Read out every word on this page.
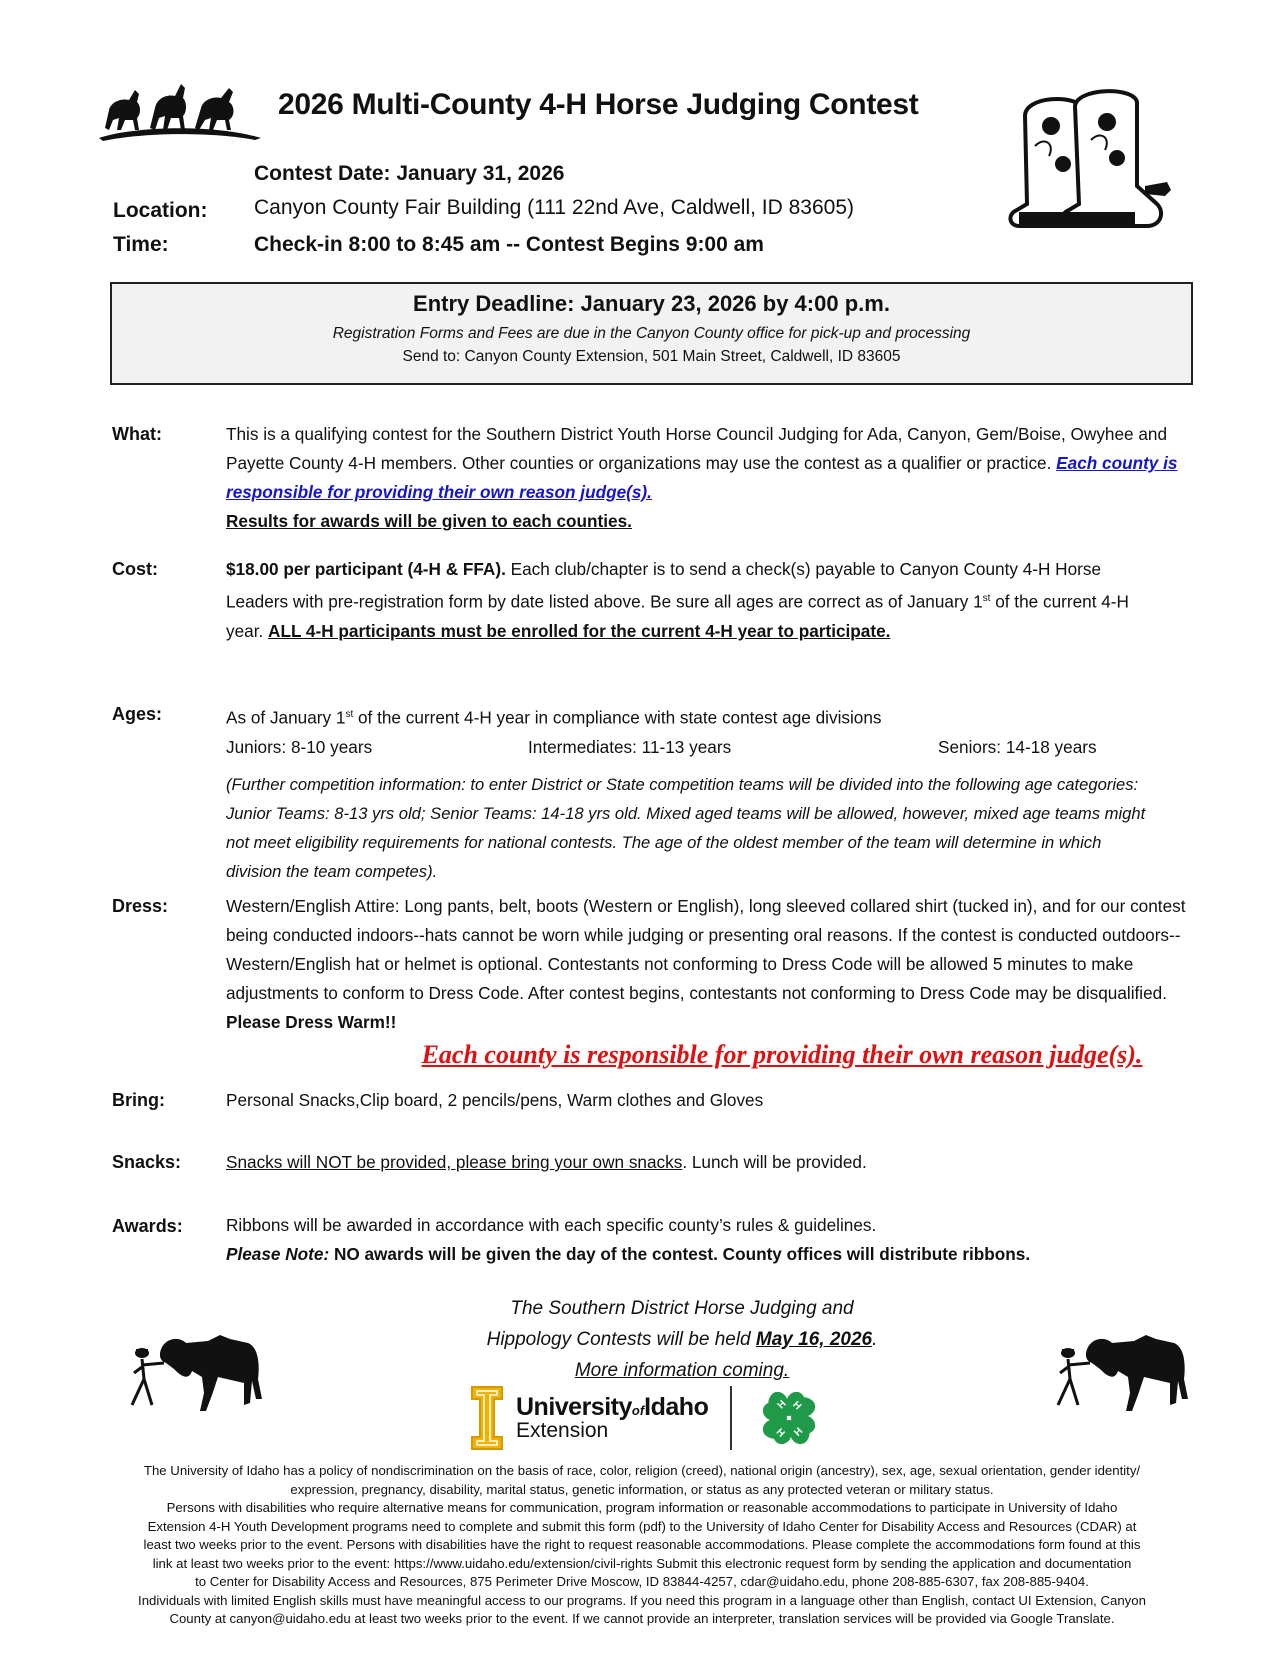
2026 Multi-County 4-H Horse Judging Contest
Contest Date: January 31, 2026
Location: Canyon County Fair Building (111 22nd Ave, Caldwell, ID 83605)
Time:	Check-in 8:00 to 8:45 am -- Contest Begins 9:00 am
Entry Deadline: January 23, 2026 by 4:00 p.m.
Registration Forms and Fees are due in the Canyon County office for pick-up and processing
Send to: Canyon County Extension, 501 Main Street, Caldwell, ID 83605
What:	This is a qualifying contest for the Southern District Youth Horse Council Judging for Ada, Canyon, Gem/Boise, Owyhee and Payette County 4-H members. Other counties or organizations may use the contest as a qualifier or practice. Each county is responsible for providing their own reason judge(s).

Results for awards will be given to each counties.

Cost:	$18.00 per participant (4-H & FFA). Each club/chapter is to send a check(s) payable to Canyon County 4-H Horse Leaders with pre-registration form by date listed above. Be sure all ages are correct as of January 1st of the current 4-H year. ALL 4-H participants must be enrolled for the current 4-H year to participate.

Ages:	As of January 1st of the current 4-H year in compliance with state contest age divisions

Juniors: 8-10 years	Intermediates: 11-13 years	Seniors: 14-18 years

(Further competition information: to enter District or State competition teams will be divided into the following age categories: Junior Teams: 8-13 yrs old; Senior Teams: 14-18 yrs old. Mixed aged teams will be allowed, however, mixed age teams might not meet eligibility requirements for national contests. The age of the oldest member of the team will determine in which division the team competes).

Dress:	Western/English Attire: Long pants, belt, boots (Western or English), long sleeved collared shirt (tucked in), and for our contest being conducted indoors--hats cannot be worn while judging or presenting oral reasons. If the contest is conducted outdoors--Western/English hat or helmet is optional. Contestants not conforming to Dress Code will be allowed 5 minutes to make adjustments to conform to Dress Code. After contest begins, contestants not conforming to Dress Code may be disqualified. Please Dress Warm!!

Each county is responsible for providing their own reason judge(s).
Bring:	Personal Snacks,Clip board, 2 pencils/pens, Warm clothes and Gloves
Snacks:	Snacks will NOT be provided, please bring your own snacks. Lunch will be provided.
Awards:	Ribbons will be awarded in accordance with each specific county’s rules & guidelines.

Please Note: NO awards will be given the day of the contest. County offices will distribute ribbons.

The Southern District Horse Judging and
Hippology Contests will be held May 16, 2026.
More information coming.
UniversityofIdaho
Extension
H H
H H

The University of Idaho has a policy of nondiscrimination on the basis of race, color, religion (creed), national origin (ancestry), sex, age, sexual orientation, gender identity/

expression, pregnancy, disability, marital status, genetic information, or status as any protected veteran or military status.

Persons with disabilities who require alternative means for communication, program information or reasonable accommodations to participate in University of Idaho

Extension 4-H Youth Development programs need to complete and submit this form (pdf) to the University of Idaho Center for Disability Access and Resources (CDAR) at

least two weeks prior to the event. Persons with disabilities have the right to request reasonable accommodations. Please complete the accommodations form found at this

link at least two weeks prior to the event: https://www.uidaho.edu/extension/civil-rights Submit this electronic request form by sending the application and documentation

to Center for Disability Access and Resources, 875 Perimeter Drive Moscow, ID 83844-4257, cdar@uidaho.edu, phone 208-885-6307, fax 208-885-9404.

Individuals with limited English skills must have meaningful access to our programs. If you need this program in a language other than English, contact UI Extension, Canyon

County at canyon@uidaho.edu at least two weeks prior to the event. If we cannot provide an interpreter, translation services will be provided via Google Translate.
